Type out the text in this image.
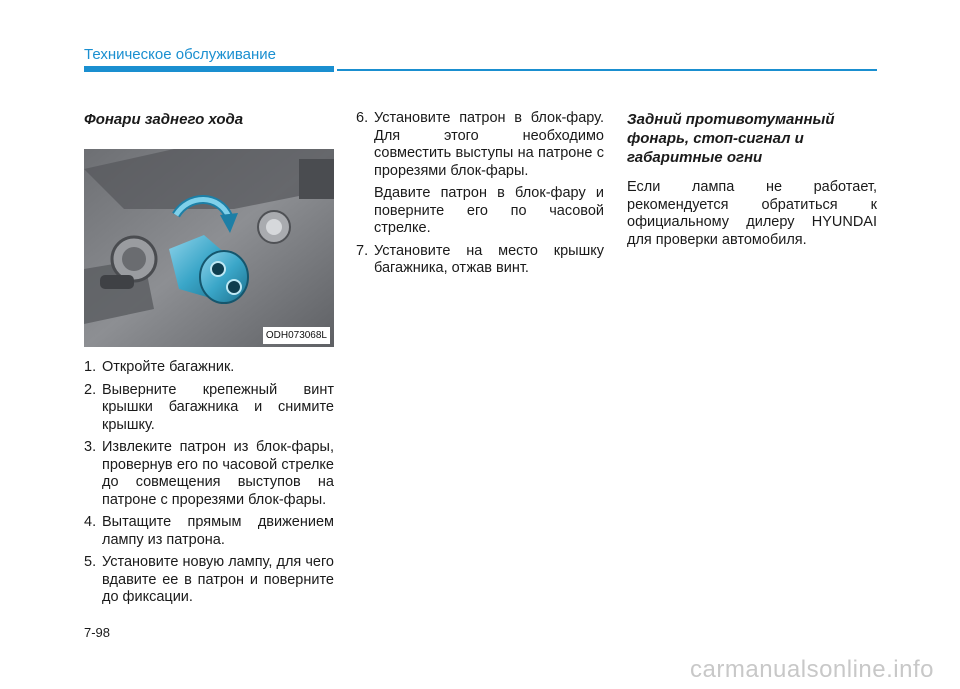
Техническое обслуживание
Фонари заднего хода
ODH073068L
1. Откройте багажник.
2. Выверните крепежный винт крышки багажника и снимите крышку.
3. Извлеките патрон из блок-фары, провернув его по часовой стрелке до совмещения выступов на патроне с прорезями блок-фары.
4. Вытащите прямым движением лампу из патрона.
5. Установите новую лампу, для чего вдавите ее в патрон и поверните до фиксации.
6. Установите патрон в блок-фару. Для этого необходимо совместить выступы на патроне с прорезями блок-фары.
Вдавите патрон в блок-фару и поверните его по часовой стрелке.
7. Установите на место крышку багажника, отжав винт.
Задний противотуманный фонарь, стоп-сигнал и габаритные огни
Если лампа не работает, рекомендуется обратиться к официальному дилеру HYUNDAI для проверки автомобиля.
7-98
carmanualsonline.info
